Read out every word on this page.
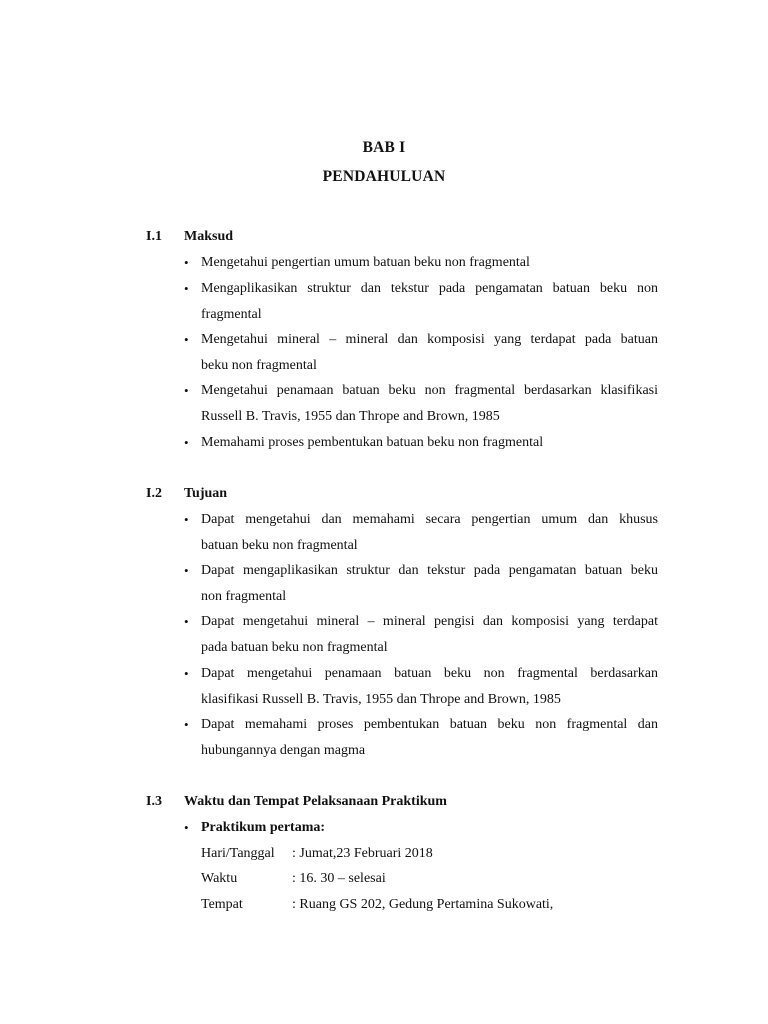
BAB I
PENDAHULUAN
I.1 Maksud
• Mengetahui pengertian umum batuan beku non fragmental
• Mengaplikasikan struktur dan tekstur pada pengamatan batuan beku non
fragmental
• Mengetahui mineral – mineral dan komposisi yang terdapat pada batuan
beku non fragmental
• Mengetahui penamaan batuan beku non fragmental berdasarkan klasifikasi
Russell B. Travis, 1955 dan Thrope and Brown, 1985
• Memahami proses pembentukan batuan beku non fragmental
I.2 Tujuan
• Dapat mengetahui dan memahami secara pengertian umum dan khusus
batuan beku non fragmental
• Dapat mengaplikasikan struktur dan tekstur pada pengamatan batuan beku
non fragmental
• Dapat mengetahui mineral – mineral pengisi dan komposisi yang terdapat
pada batuan beku non fragmental
• Dapat mengetahui penamaan batuan beku non fragmental berdasarkan
klasifikasi Russell B. Travis, 1955 dan Thrope and Brown, 1985
• Dapat memahami proses pembentukan batuan beku non fragmental dan
hubungannya dengan magma
I.3 Waktu dan Tempat Pelaksanaan Praktikum
• Praktikum pertama:
Hari/Tanggal : Jumat,23 Februari 2018
Waktu	: 16. 30 – selesai
Tempat	: Ruang GS 202, Gedung Pertamina Sukowati,
